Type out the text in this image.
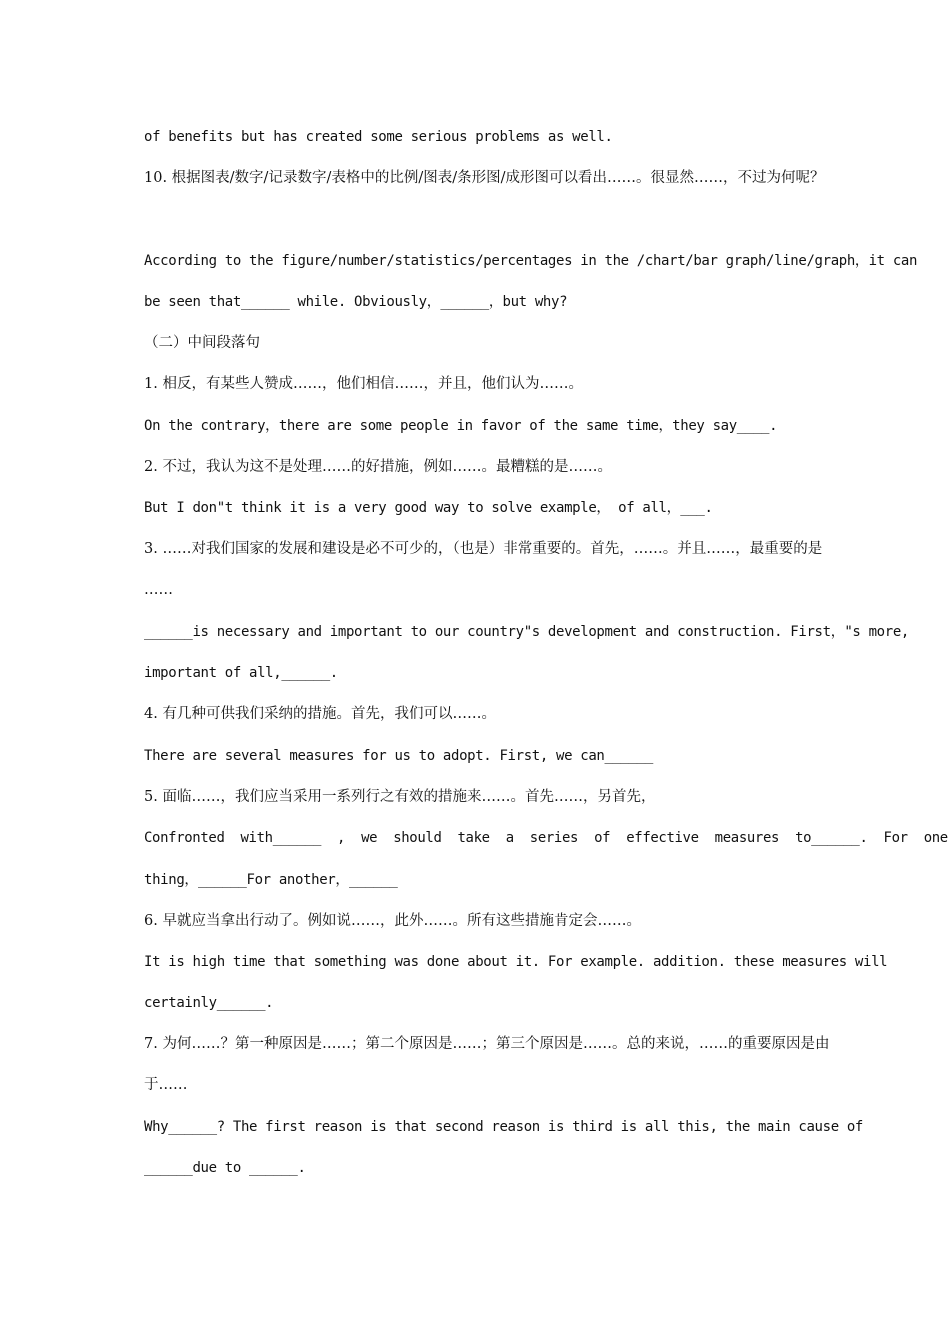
of benefits but has created some serious problems as well.
10. 根据图表/数字/记录数字/表格中的比例/图表/条形图/成形图可以看出……。很显然……，不过为何呢？
According to the figure/number/statistics/percentages in the /chart/bar graph/line/graph，it can
be seen that______ while. Obviously，______，but why?
（二）中间段落句
1. 相反，有某些人赞成……，他们相信……，并且，他们认为……。
On the contrary，there are some people in favor of the same time，they say____.
2. 不过，我认为这不是处理……的好措施，例如……。最糟糕的是……。
But I don"t think it is a very good way to solve example， of all，___.
3. ……对我们国家的发展和建设是必不可少的，（也是）非常重要的。首先，……。并且……，最重要的是
……
______is necessary and important to our country"s development and construction. First，"s more,
important of all,______.
4. 有几种可供我们采纳的措施。首先，我们可以……。
There are several measures for us to adopt. First, we can______
5. 面临……，我们应当采用一系列行之有效的措施来……。首先……，另首先，
Confronted with______ , we should take a series of effective measures to______. For one
thing，______For another，______
6. 早就应当拿出行动了。例如说……，此外……。所有这些措施肯定会……。
It is high time that something was done about it. For example. addition. these measures will
certainly______.
7. 为何……？第一种原因是……；第二个原因是……；第三个原因是……。总的来说，……的重要原因是由
于……
Why______? The first reason is that second reason is third is all this, the main cause of
______due to ______.
